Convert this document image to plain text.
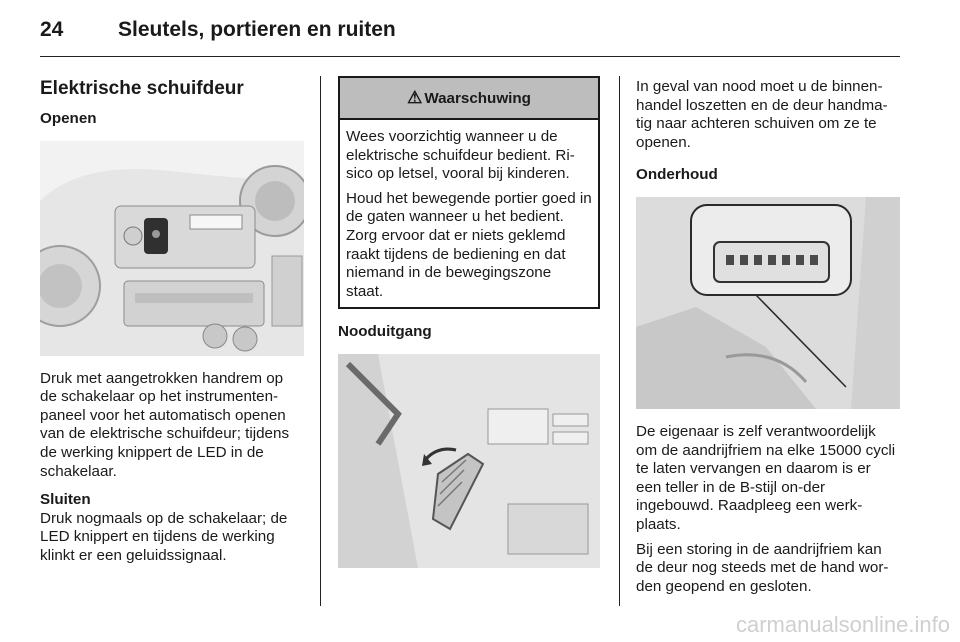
24	Sleutels, portieren en ruiten
Elektrische schuifdeur
Openen

Druk met aangetrokken handrem op de schakelaar op het instrumenten-paneel voor het automatisch openen van de elektrische schuifdeur; tijdens de werking knippert de LED in de schakelaar.

Sluiten

Druk nogmaals op de schakelaar; de LED knippert en tijdens de werking klinkt er een geluidssignaal.

⚠ Waarschuwing

Wees voorzichtig wanneer u de elektrische schuifdeur bedient. Ri-sico op letsel, vooral bij kinderen.

Houd het bewegende portier goed in de gaten wanneer u het bedient. Zorg ervoor dat er niets geklemd raakt tijdens de bediening en dat niemand in de bewegingszone staat.

Nooduitgang

In geval van nood moet u de binnen-handel loszetten en de deur handma-tig naar achteren schuiven om ze te openen.

Onderhoud

De eigenaar is zelf verantwoordelijk om de aandrijfriem na elke 15000 cycli te laten vervangen en daarom is er een teller in de B-stijl on-der ingebouwd. Raadpleeg een werk-plaats.

Bij een storing in de aandrijfriem kan de deur nog steeds met de hand wor-den geopend en gesloten.

carmanualsonline.info
